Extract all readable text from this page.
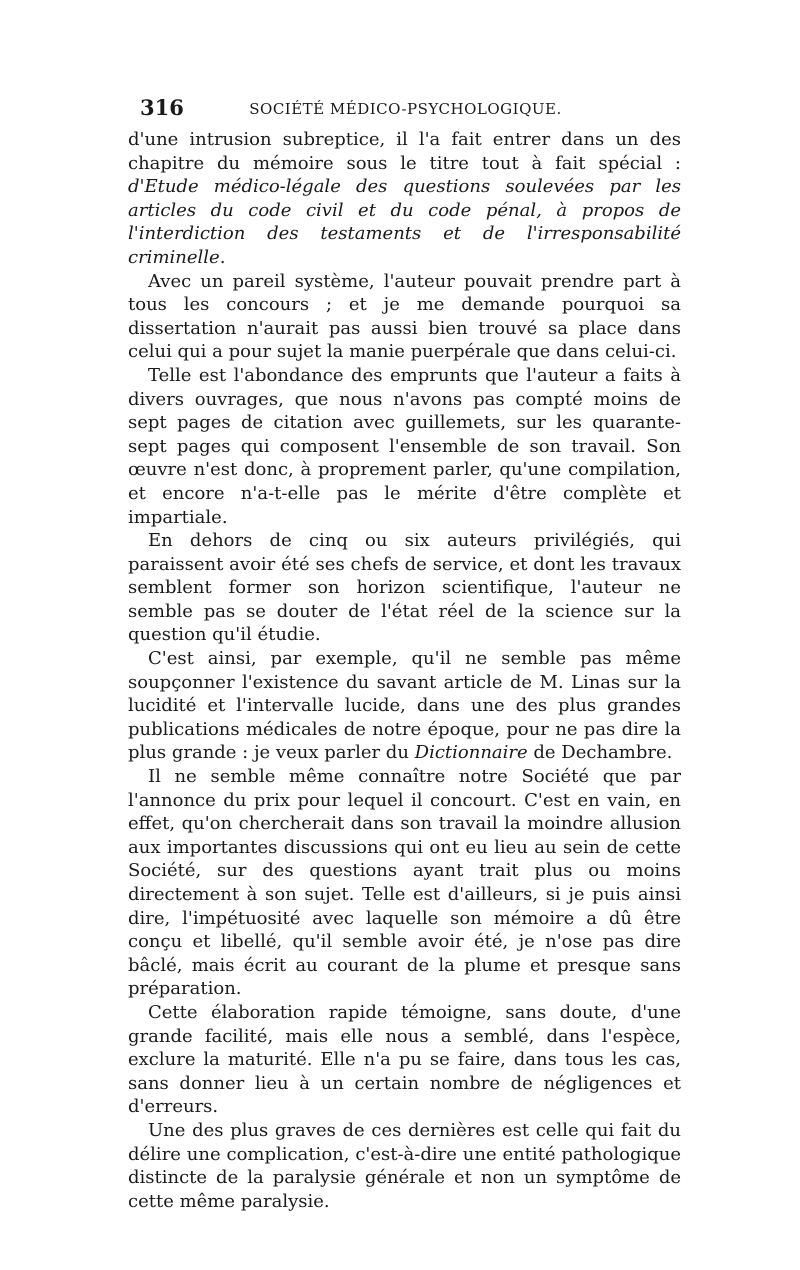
316	SOCIÉTÉ MÉDICO-PSYCHOLOGIQUE.

d'une intrusion subreptice, il l'a fait entrer dans un des chapitre du mémoire sous le titre tout à fait spécial : d'Etude médico-légale des questions soulevées par les articles du code civil et du code pénal, à propos de l'interdiction des testaments et de l'irresponsabilité criminelle.

Avec un pareil système, l'auteur pouvait prendre part à tous les concours ; et je me demande pourquoi sa dissertation n'aurait pas aussi bien trouvé sa place dans celui qui a pour sujet la manie puerpérale que dans celui-ci.

Telle est l'abondance des emprunts que l'auteur a faits à divers ouvrages, que nous n'avons pas compté moins de sept pages de citation avec guillemets, sur les quarante-sept pages qui composent l'ensemble de son travail. Son œuvre n'est donc, à proprement parler, qu'une compilation, et encore n'a-t-elle pas le mérite d'être complète et impartiale.

En dehors de cinq ou six auteurs privilégiés, qui paraissent avoir été ses chefs de service, et dont les travaux semblent former son horizon scientifique, l'auteur ne semble pas se douter de l'état réel de la science sur la question qu'il étudie.

C'est ainsi, par exemple, qu'il ne semble pas même soupçonner l'existence du savant article de M. Linas sur la lucidité et l'intervalle lucide, dans une des plus grandes publications médicales de notre époque, pour ne pas dire la plus grande : je veux parler du Dictionnaire de Dechambre.

Il ne semble même connaître notre Société que par l'annonce du prix pour lequel il concourt. C'est en vain, en effet, qu'on chercherait dans son travail la moindre allusion aux importantes discussions qui ont eu lieu au sein de cette Société, sur des questions ayant trait plus ou moins directement à son sujet. Telle est d'ailleurs, si je puis ainsi dire, l'impétuosité avec laquelle son mémoire a dû être conçu et libellé, qu'il semble avoir été, je n'ose pas dire bâclé, mais écrit au courant de la plume et presque sans préparation.

Cette élaboration rapide témoigne, sans doute, d'une grande facilité, mais elle nous a semblé, dans l'espèce, exclure la maturité. Elle n'a pu se faire, dans tous les cas, sans donner lieu à un certain nombre de négligences et d'erreurs.

Une des plus graves de ces dernières est celle qui fait du délire une complication, c'est-à-dire une entité pathologique distincte de la paralysie générale et non un symptôme de cette même paralysie.
